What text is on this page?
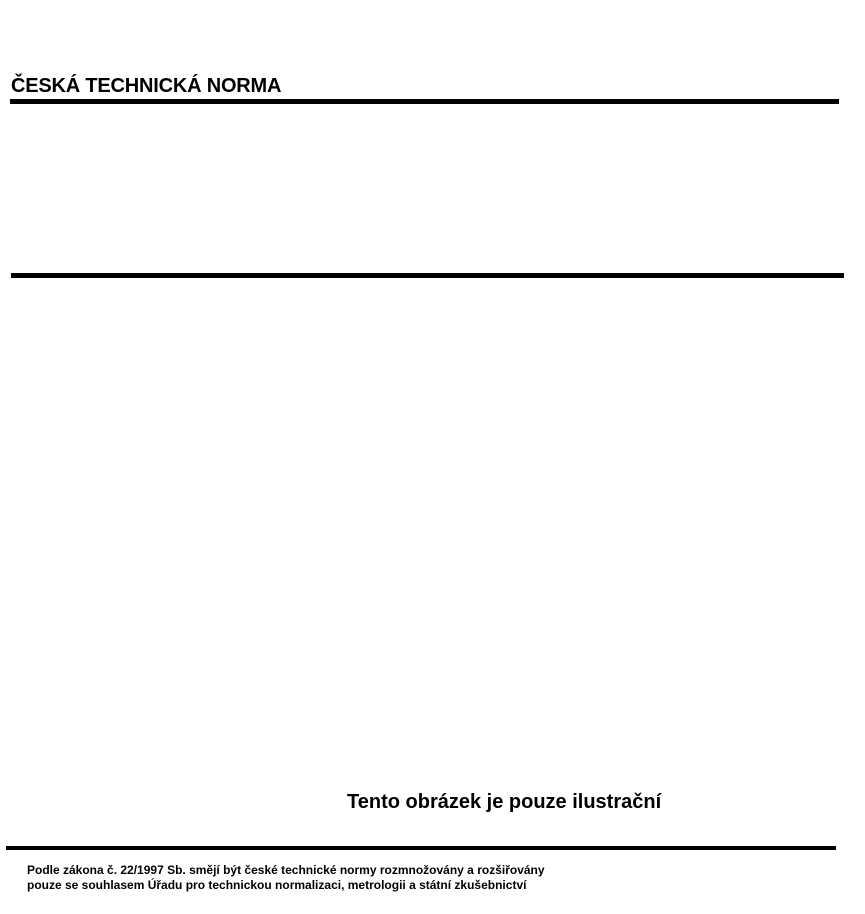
ČESKÁ TECHNICKÁ NORMA
Tento obrázek je pouze ilustrační
Podle zákona č. 22/1997 Sb. smějí být české technické normy rozmnožovány a rozšiřovány
pouze se souhlasem Úřadu pro technickou normalizaci, metrologii a státní zkušebnictví
